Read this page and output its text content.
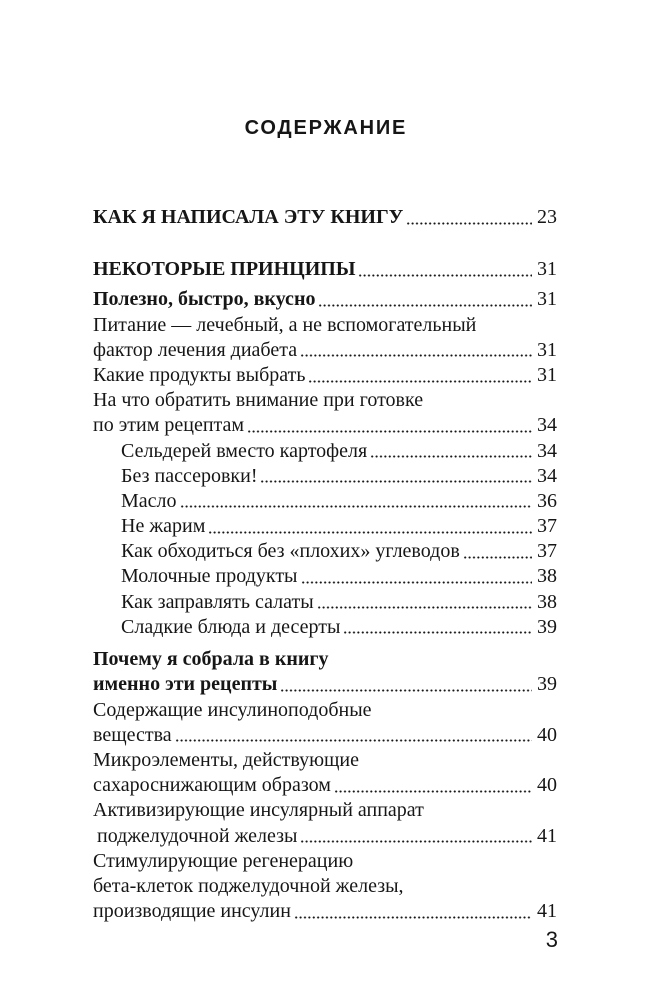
СОДЕРЖАНИЕ
КАК Я НАПИСАЛА ЭТУ КНИГУ	23
НЕКОТОРЫЕ ПРИНЦИПЫ	31
Полезно, быстро, вкусно	31
Питание — лечебный, а не вспомогательный
фактор лечения диабета	31
Какие продукты выбрать	31
На что обратить внимание при готовке
по этим рецептам	34
Сельдерей вместо картофеля	34
Без пассеровки!	34
Масло	36
Не жарим	37
Как обходиться без «плохих» углеводов	37
Молочные продукты	38
Как заправлять салаты	38
Сладкие блюда и десерты	39
Почему я собрала в книгу
именно эти рецепты	39
Содержащие инсулиноподобные
вещества	40
Микроэлементы, действующие
сахароснижающим образом	40
Активизирующие инсулярный аппарат
поджелудочной железы	41
Стимулирующие регенерацию
бета-клеток поджелудочной железы,
производящие инсулин	41
3
